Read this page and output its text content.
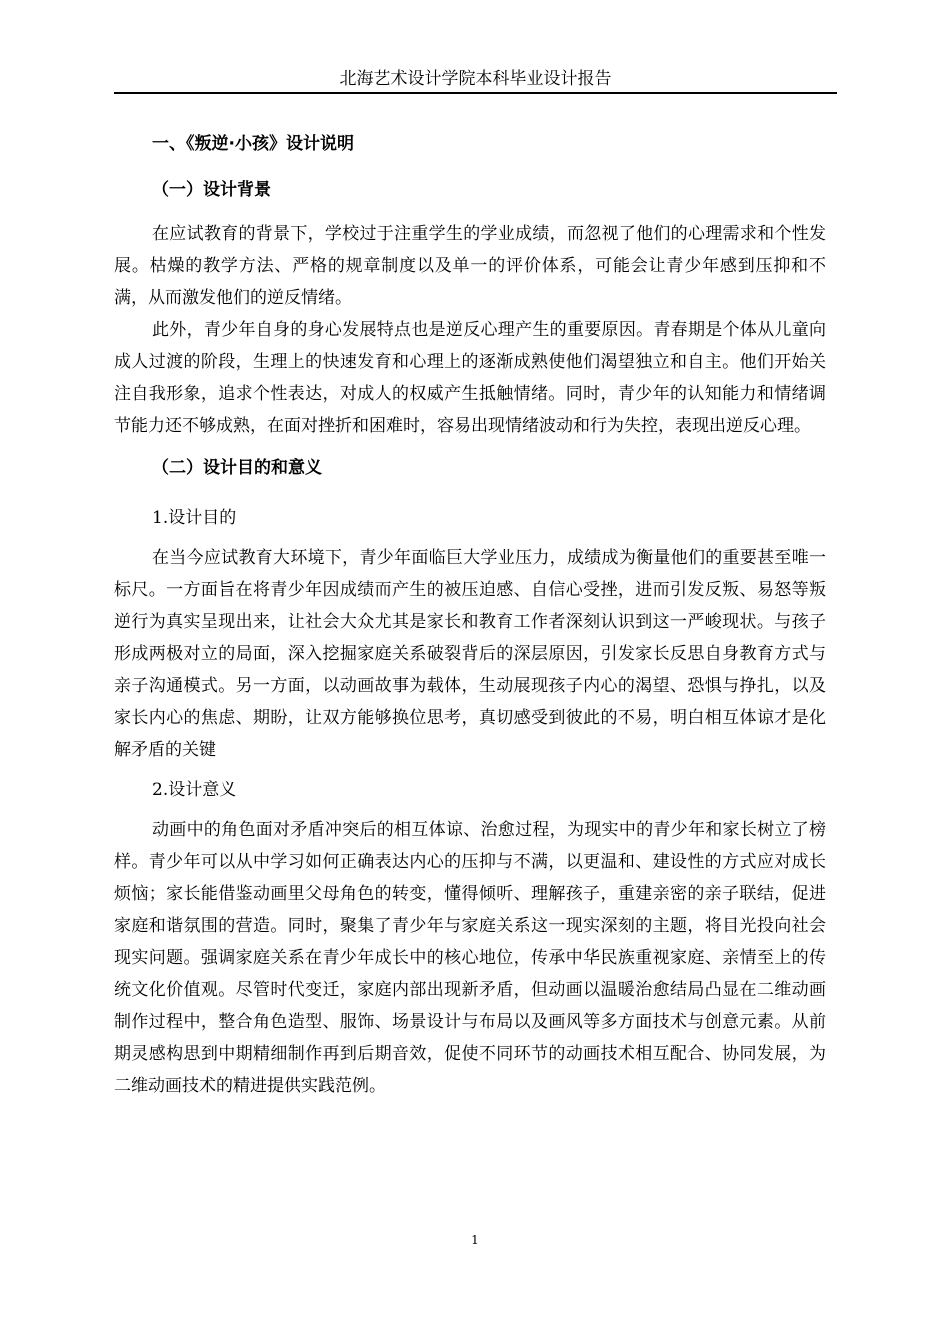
北海艺术设计学院本科毕业设计报告
一、《叛逆·小孩》设计说明
（一）设计背景

在应试教育的背景下，学校过于注重学生的学业成绩，而忽视了他们的心理需求和个性发展。枯燥的教学方法、严格的规章制度以及单一的评价体系，可能会让青少年感到压抑和不满，从而激发他们的逆反情绪。

此外，青少年自身的身心发展特点也是逆反心理产生的重要原因。青春期是个体从儿童向成人过渡的阶段，生理上的快速发育和心理上的逐渐成熟使他们渴望独立和自主。他们开始关注自我形象，追求个性表达，对成人的权威产生抵触情绪。同时，青少年的认知能力和情绪调节能力还不够成熟，在面对挫折和困难时，容易出现情绪波动和行为失控，表现出逆反心理。

（二）设计目的和意义
1.设计目的

在当今应试教育大环境下，青少年面临巨大学业压力，成绩成为衡量他们的重要甚至唯一标尺。一方面旨在将青少年因成绩而产生的被压迫感、自信心受挫，进而引发反叛、易怒等叛逆行为真实呈现出来，让社会大众尤其是家长和教育工作者深刻认识到这一严峻现状。与孩子形成两极对立的局面，深入挖掘家庭关系破裂背后的深层原因，引发家长反思自身教育方式与亲子沟通模式。另一方面，以动画故事为载体，生动展现孩子内心的渴望、恐惧与挣扎，以及家长内心的焦虑、期盼，让双方能够换位思考，真切感受到彼此的不易，明白相互体谅才是化解矛盾的关键

2.设计意义

动画中的角色面对矛盾冲突后的相互体谅、治愈过程，为现实中的青少年和家长树立了榜样。青少年可以从中学习如何正确表达内心的压抑与不满，以更温和、建设性的方式应对成长烦恼；家长能借鉴动画里父母角色的转变，懂得倾听、理解孩子，重建亲密的亲子联结，促进家庭和谐氛围的营造。同时，聚集了青少年与家庭关系这一现实深刻的主题，将目光投向社会现实问题。强调家庭关系在青少年成长中的核心地位，传承中华民族重视家庭、亲情至上的传统文化价值观。尽管时代变迁，家庭内部出现新矛盾，但动画以温暖治愈结局凸显在二维动画制作过程中，整合角色造型、服饰、场景设计与布局以及画风等多方面技术与创意元素。从前期灵感构思到中期精细制作再到后期音效，促使不同环节的动画技术相互配合、协同发展，为二维动画技术的精进提供实践范例。

1
